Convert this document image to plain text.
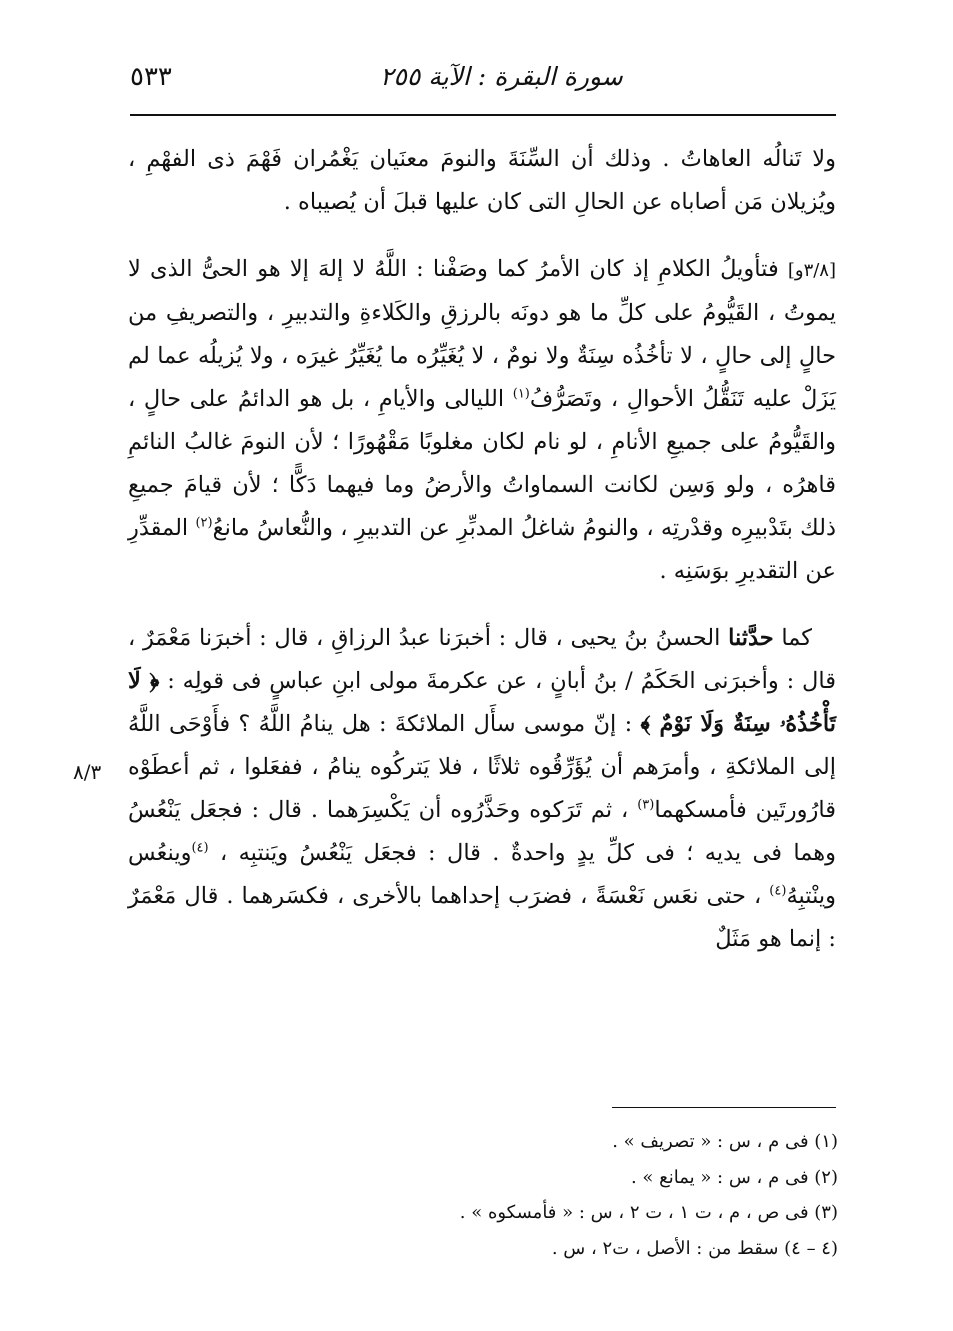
٥٣٣	سورة البقرة : الآية ٢٥٥

ولا تَنالُه العاهاتُ . وذلك أن السِّنَةَ والنومَ معنَيان يَغْمُران فَهْمَ ذى الفهْمِ ، ويُزيلان مَن أصاباه عن الحالِ التى كان عليها قبلَ أن يُصيباه .

[٣/٨و] فتأويلُ الكلامِ إذ كان الأمرُ كما وصَفْنا : اللَّهُ لا إلهَ إلا هو الحىُّ الذى لا يموتُ ، القَيُّومُ على كلِّ ما هو دونَه بالرزقِ والكَلاءةِ والتدبيرِ ، والتصريفِ من حالٍ إلى حالٍ ، لا تأخُذُه سِنَةٌ ولا نومٌ ، لا يُغَيِّرُه ما يُغَيِّرُ غيرَه ، ولا يُزيلُه عما لم يَزَلْ عليه تَنَقُّلُ الأحوالِ ، وتَصَرُّفُ$^{(١)}$ الليالى والأيامِ ، بل هو الدائمُ على حالٍ ، والقَيُّومُ على جميعِ الأنامِ ، لو نام لكان مغلوبًا مَقْهُورًا ؛ لأن النومَ غالبُ النائمِ قاهرُه ، ولو وَسِن لكانت السماواتُ والأرضُ وما فيهما دَكًّا ؛ لأن قيامَ جميعِ ذلك بتَدْبيرِه وقدْرتِه ، والنومُ شاغلُ المدبِّرِ عن التدبيرِ ، والنُّعاسُ مانعُ$^{(٢)}$ المقدِّرِ عن التقديرِ بوَسَنِه .

كما حدَّثنا الحسنُ بنُ يحيى ، قال : أخبرَنا عبدُ الرزاقِ ، قال : أخبرَنا مَعْمَرٌ ، قال : وأخبرَنى الحَكَمُ / بنُ أبانٍ ، عن عكرمةَ مولى ابنِ عباسٍ فى قولِه : ﴿ لَا تَأْخُذُهُۥ سِنَةٌ وَلَا نَوْمٌ ﴾ : إنّ موسى سأَل الملائكةَ : هل ينامُ اللَّهُ ؟ فأَوْحَى اللَّهُ إلى الملائكةِ ، وأمرَهم أن يُؤَرِّقُوه ثلاثًا ، فلا يَتركُوه ينامُ ، ففعَلوا ، ثم أعطَوْه قارُورتَين فأمسكهما$^{(٣)}$ ، ثم تَرَكوه وحَذَّرُوه أن يَكْسِرَهما . قال : فجعَل يَنْعُسُ وهما فى يديه ؛ فى كلِّ يدٍ واحدةٌ . قال : فجعَل يَنْعُسُ ويَنتبِه ، $^{(٤)}$وينعُس وينْتبِهُ$^{(٤)}$ ، حتى نعَس نَعْسَةً ، فضرَب إحداهما بالأخرى ، فكسَرهما . قال مَعْمَرٌ : إنما هو مَثَلٌ

٨/٣
(١) فى م ، س : « تصريف » .
(٢) فى م ، س : « يمانع » .
(٣) فى ص ، م ، ت ١ ، ت ٢ ، س : « فأمسكوه » .
(٤ – ٤) سقط من : الأصل ، ت٢ ، س .
